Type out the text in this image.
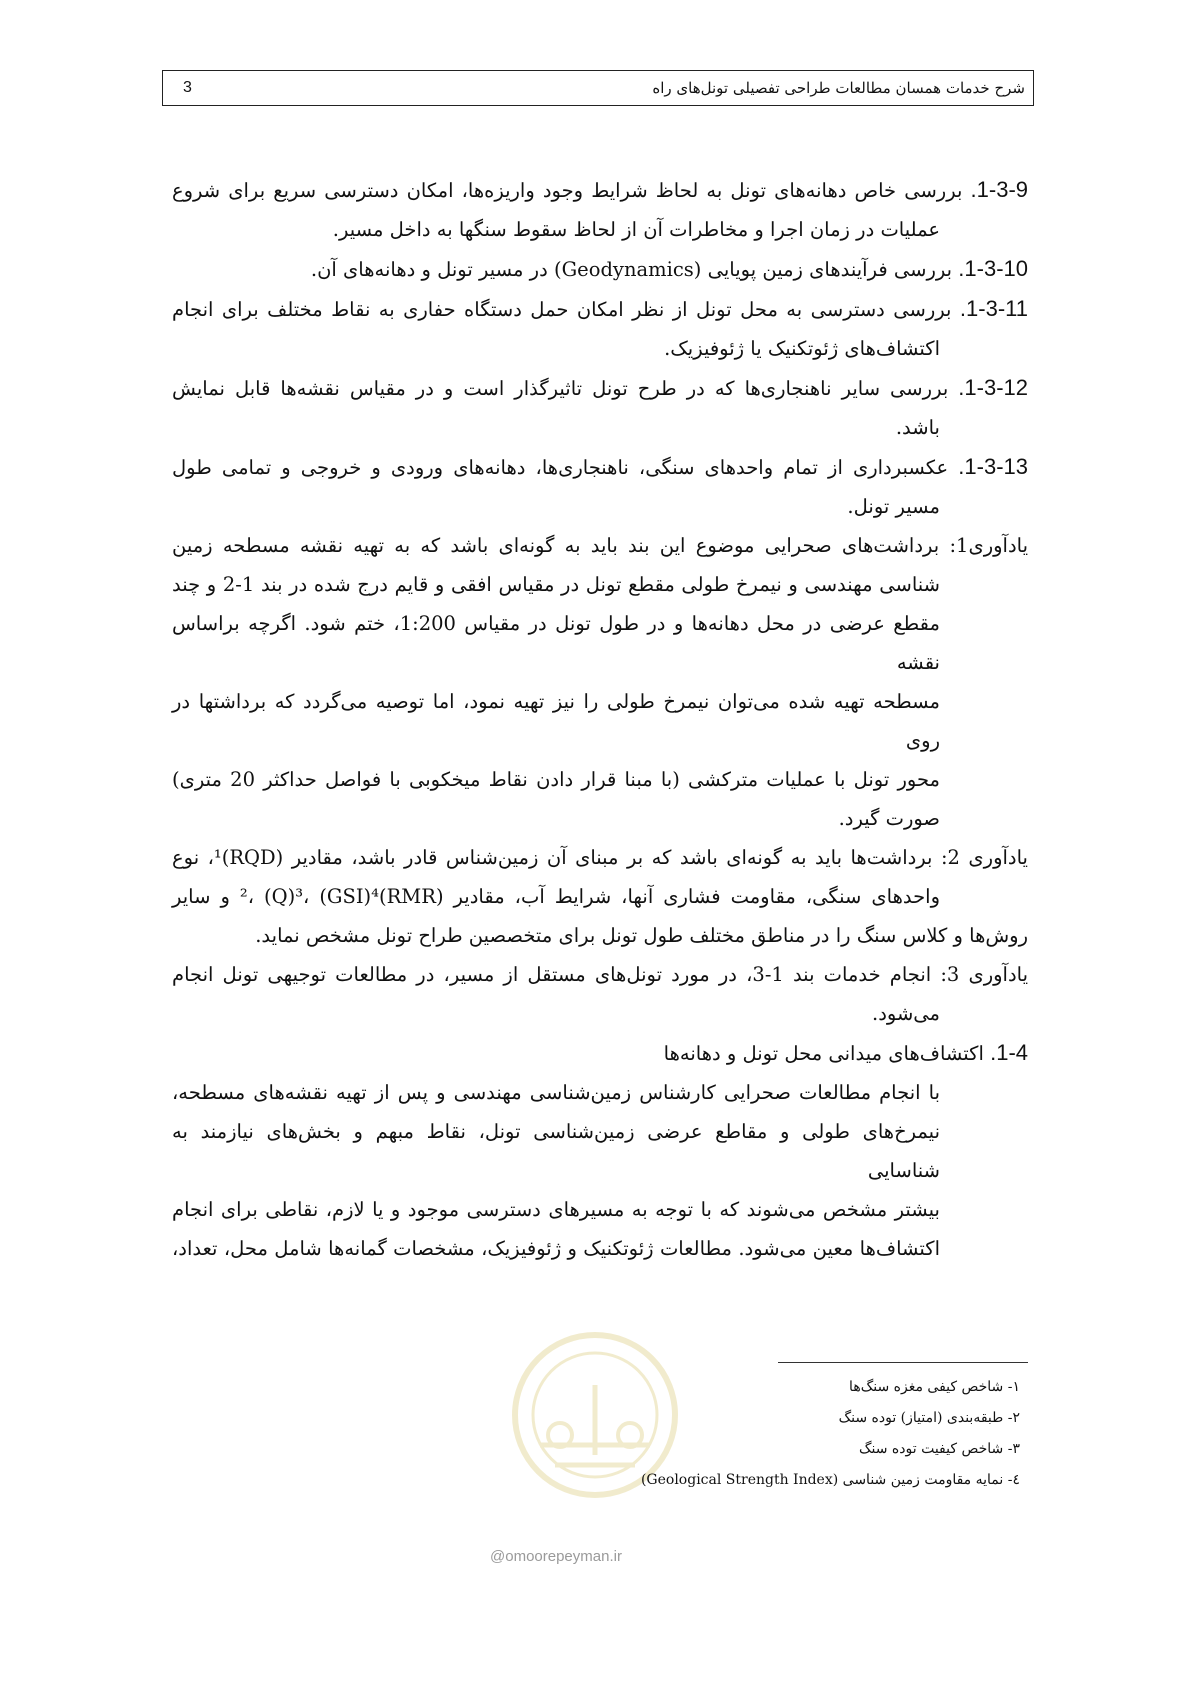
شرح خدمات همسان مطالعات طراحی تفصیلی تونل‌های راه
3
1-3-9. بررسی خاص دهانه‌های تونل به لحاظ شرایط وجود واریزه‌ها، امکان دسترسی سریع برای شروع
عملیات در زمان اجرا و مخاطرات آن از لحاظ سقوط سنگها به داخل مسیر.
1-3-10. بررسی فرآیندهای زمین پویایی (Geodynamics) در مسیر تونل و دهانه‌های آن.
1-3-11. بررسی دسترسی به محل تونل از نظر امکان حمل دستگاه حفاری به نقاط مختلف برای انجام
اکتشاف‌های ژئوتکنیک یا ژئوفیزیک.
1-3-12. بررسی سایر ناهنجاری‌ها که در طرح تونل تاثیرگذار است و در مقیاس نقشه‌ها قابل نمایش
باشد.
1-3-13. عکسبرداری از تمام واحدهای سنگی، ناهنجاری‌ها، دهانه‌های ورودی و خروجی و تمامی طول
مسیر تونل.
یادآوری1: برداشت‌های صحرایی موضوع این بند باید به گونه‌ای باشد که به تهیه نقشه مسطحه زمین
شناسی مهندسی و نیمرخ طولی مقطع تونل در مقیاس افقی و قایم درج شده در بند 1-2 و چند
مقطع عرضی در محل دهانه‌ها و در طول تونل در مقیاس 1:200، ختم شود. اگرچه براساس نقشه
مسطحه تهیه شده می‌توان نیمرخ طولی را نیز تهیه نمود، اما توصیه می‌گردد که برداشتها در روی
محور تونل با عملیات مترکشی (با مبنا قرار دادن نقاط میخکوبی با فواصل حداکثر 20 متری)
صورت گیرد.
یادآوری 2: برداشت‌ها باید به گونه‌ای باشد که بر مبنای آن زمین‌شناس قادر باشد، مقادیر (RQD)¹، نوع
واحدهای سنگی، مقاومت فشاری آنها، شرایط آب، مقادیر (RMR)²، (Q)³، (GSI)⁴ و سایر
روش‌ها و کلاس سنگ را در مناطق مختلف طول تونل برای متخصصین طراح تونل مشخص نماید.
یادآوری 3: انجام خدمات بند 1-3، در مورد تونل‌های مستقل از مسیر، در مطالعات توجیهی تونل انجام
می‌شود.
1-4. اکتشاف‌های میدانی محل تونل و دهانه‌ها
با انجام مطالعات صحرایی کارشناس زمین‌شناسی مهندسی و پس از تهیه نقشه‌های مسطحه،
نیمرخ‌های طولی و مقاطع عرضی زمین‌شناسی تونل، نقاط مبهم و بخش‌های نیازمند به شناسایی
بیشتر مشخص می‌شوند که با توجه به مسیرهای دسترسی موجود و یا لازم، نقاطی برای انجام
اکتشاف‌ها معین می‌شود. مطالعات ژئوتکنیک و ژئوفیزیک، مشخصات گمانه‌ها شامل محل، تعداد،
١- شاخص کیفی مغزه سنگ‌ها
٢- طبقه‌بندی (امتیاز) توده سنگ
٣- شاخص کیفیت توده سنگ
٤- نمایه مقاومت زمین شناسی (Geological Strength Index)
@omoorepeyman.ir
